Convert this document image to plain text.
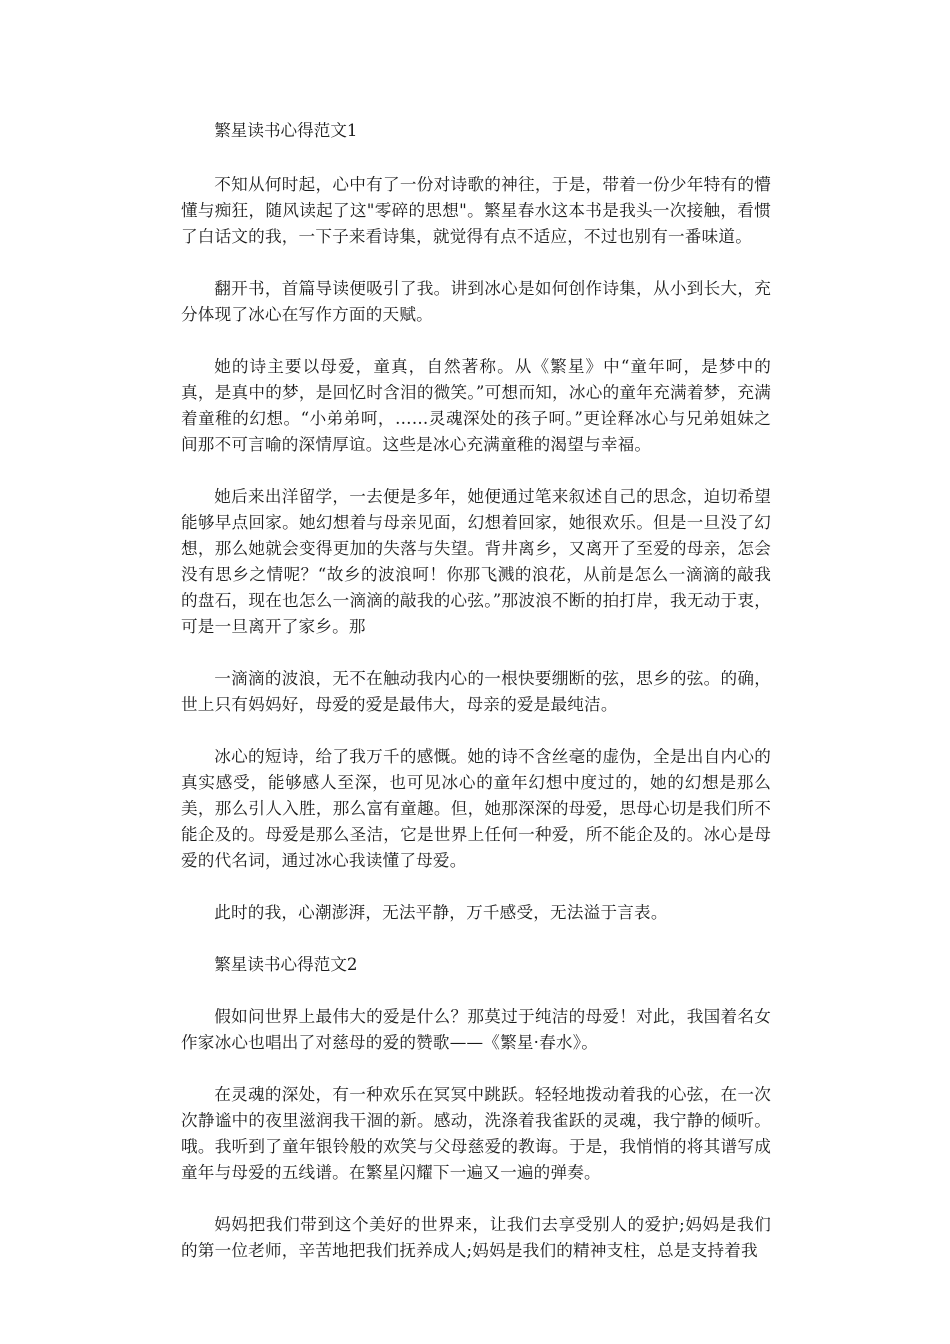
繁星读书心得范文1

不知从何时起，心中有了一份对诗歌的神往，于是，带着一份少年特有的懵懂与痴狂，随风读起了这"零碎的思想"。繁星春水这本书是我头一次接触，看惯了白话文的我，一下子来看诗集，就觉得有点不适应，不过也别有一番味道。

翻开书，首篇导读便吸引了我。讲到冰心是如何创作诗集，从小到长大，充分体现了冰心在写作方面的天赋。

她的诗主要以母爱，童真，自然著称。从《繁星》中“童年呵，是梦中的真，是真中的梦，是回忆时含泪的微笑。”可想而知，冰心的童年充满着梦，充满着童稚的幻想。“小弟弟呵，……灵魂深处的孩子呵。”更诠释冰心与兄弟姐妹之间那不可言喻的深情厚谊。这些是冰心充满童稚的渴望与幸福。

她后来出洋留学，一去便是多年，她便通过笔来叙述自己的思念，迫切希望能够早点回家。她幻想着与母亲见面，幻想着回家，她很欢乐。但是一旦没了幻想，那么她就会变得更加的失落与失望。背井离乡，又离开了至爱的母亲，怎会没有思乡之情呢？“故乡的波浪呵！你那飞溅的浪花，从前是怎么一滴滴的敲我的盘石，现在也怎么一滴滴的敲我的心弦。”那波浪不断的拍打岸，我无动于衷，可是一旦离开了家乡。那

一滴滴的波浪，无不在触动我内心的一根快要绷断的弦，思乡的弦。的确，世上只有妈妈好，母爱的爱是最伟大，母亲的爱是最纯洁。

冰心的短诗，给了我万千的感慨。她的诗不含丝毫的虚伪，全是出自内心的真实感受，能够感人至深，也可见冰心的童年幻想中度过的，她的幻想是那么美，那么引人入胜，那么富有童趣。但，她那深深的母爱，思母心切是我们所不能企及的。母爱是那么圣洁，它是世界上任何一种爱，所不能企及的。冰心是母爱的代名词，通过冰心我读懂了母爱。

此时的我，心潮澎湃，无法平静，万千感受，无法溢于言表。

繁星读书心得范文2

假如问世界上最伟大的爱是什么？那莫过于纯洁的母爱！对此，我国着名女作家冰心也唱出了对慈母的爱的赞歌——《繁星·春水》。

在灵魂的深处，有一种欢乐在冥冥中跳跃。轻轻地拨动着我的心弦，在一次次静谧中的夜里滋润我干涸的新。感动，洗涤着我雀跃的灵魂，我宁静的倾听。哦。我听到了童年银铃般的欢笑与父母慈爱的教诲。于是，我悄悄的将其谱写成童年与母爱的五线谱。在繁星闪耀下一遍又一遍的弹奏。

妈妈把我们带到这个美好的世界来，让我们去享受别人的爱护;妈妈是我们的第一位老师，辛苦地把我们抚养成人;妈妈是我们的精神支柱，总是支持着我
